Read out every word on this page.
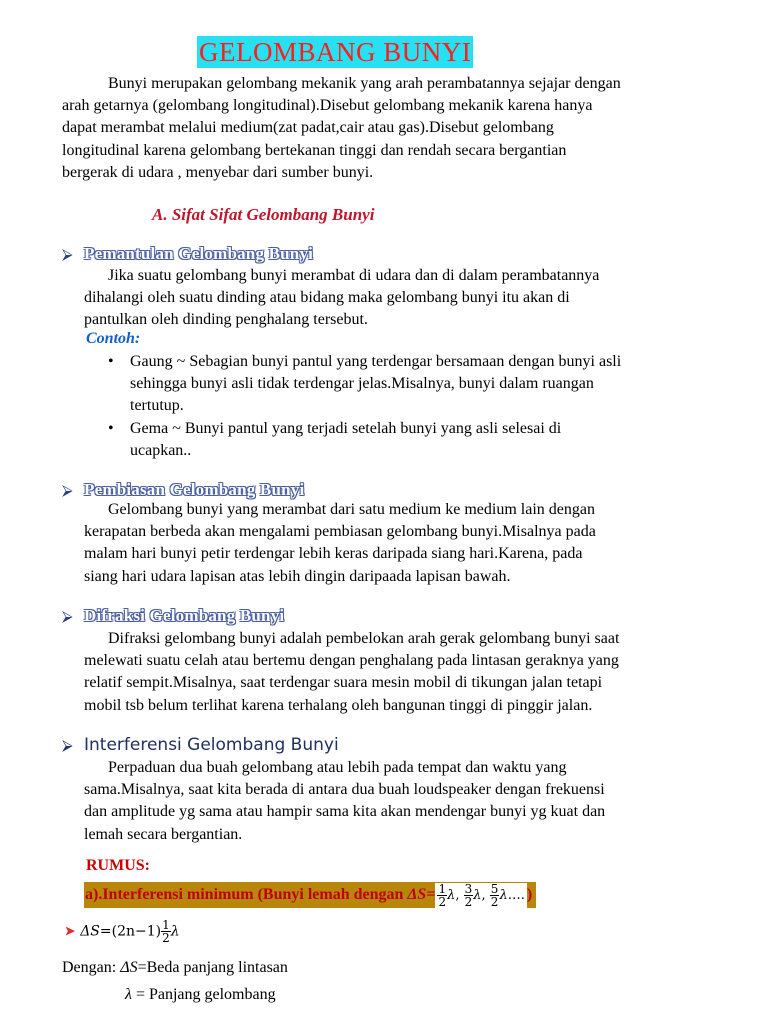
GELOMBANG BUNYI

Bunyi merupakan gelombang mekanik yang arah perambatannya sejajar dengan

arah getarnya (gelombang longitudinal).Disebut gelombang mekanik karena hanya

dapat merambat melalui medium(zat padat,cair atau gas).Disebut gelombang

longitudinal karena gelombang bertekanan tinggi dan rendah secara bergantian

bergerak di udara , menyebar dari sumber bunyi.

A. Sifat Sifat Gelombang Bunyi
⮚ Pemantulan Gelombang Bunyi

Jika suatu gelombang bunyi merambat di udara dan di dalam perambatannya

dihalangi oleh suatu dinding atau bidang maka gelombang bunyi itu akan di

pantulkan oleh dinding penghalang tersebut.

Contoh:
• Gaung ~ Sebagian bunyi pantul yang terdengar bersamaan dengan bunyi asli
sehingga bunyi asli tidak terdengar jelas.Misalnya, bunyi dalam ruangan
tertutup.
• Gema ~ Bunyi pantul yang terjadi setelah bunyi yang asli selesai di
ucapkan..
⮚ Pembiasan Gelombang Bunyi

Gelombang bunyi yang merambat dari satu medium ke medium lain dengan

kerapatan berbeda akan mengalami pembiasan gelombang bunyi.Misalnya pada

malam hari bunyi petir terdengar lebih keras daripada siang hari.Karena, pada

siang hari udara lapisan atas lebih dingin daripaada lapisan bawah.

⮚ Difraksi Gelombang Bunyi

Difraksi gelombang bunyi adalah pembelokan arah gerak gelombang bunyi saat

melewati suatu celah atau bertemu dengan penghalang pada lintasan geraknya yang

relatif sempit.Misalnya, saat terdengar suara mesin mobil di tikungan jalan tetapi

mobil tsb belum terlihat karena terhalang oleh bangunan tinggi di pinggir jalan.

⮚ Interferensi Gelombang Bunyi

Perpaduan dua buah gelombang atau lebih pada tempat dan waktu yang

sama.Misalnya, saat kita berada di antara dua buah loudspeaker dengan frekuensi

dan amplitude yg sama atau hampir sama kita akan mendengar bunyi yg kuat dan

lemah secara bergantian.

RUMUS:
a).Interferensi minimum (Bunyi lemah dengan $\Delta S= \frac{1}{2} \lambda$, $\frac{3}{2} \lambda$, $\frac{5}{2}$ λ…. )
➤ $\Delta S=(2n-1) \frac{1}{2}$ λ
Dengan: ΔS=Beda panjang lintasan
λ = Panjang gelombang
